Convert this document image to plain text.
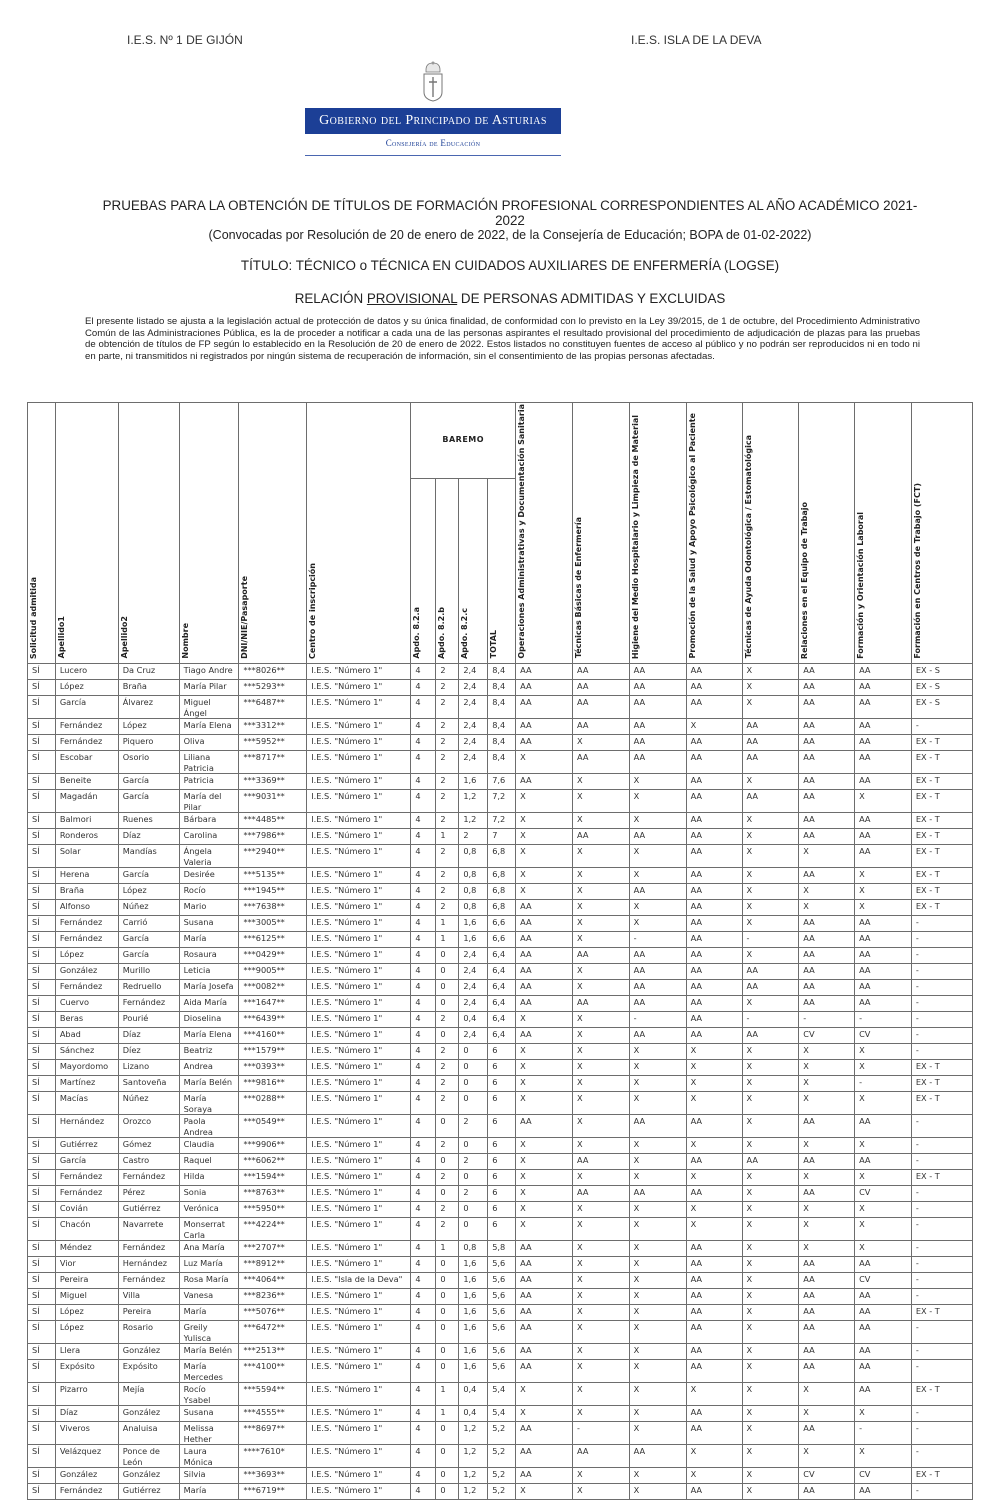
I.E.S. Nº 1 DE GIJÓN	I.E.S. ISLA DE LA DEVA
Gobierno del Principado de Asturias
Consejería de Educación
PRUEBAS PARA LA OBTENCIÓN DE TÍTULOS DE FORMACIÓN PROFESIONAL CORRESPONDIENTES AL AÑO ACADÉMICO 2021-2022
(Convocadas por Resolución de 20 de enero de 2022, de la Consejería de Educación; BOPA de 01-02-2022)
TÍTULO: TÉCNICO o TÉCNICA EN CUIDADOS AUXILIARES DE ENFERMERÍA (LOGSE)
RELACIÓN PROVISIONAL DE PERSONAS ADMITIDAS Y EXCLUIDAS
El presente listado se ajusta a la legislación actual de protección de datos y su única finalidad, de conformidad con lo previsto en la Ley 39/2015, de 1 de octubre, del Procedimiento Administrativo Común de las Administraciones Pública, es la de proceder a notificar a cada una de las personas aspirantes el resultado provisional del procedimiento de adjudicación de plazas para las pruebas de obtención de títulos de FP según lo establecido en la Resolución de 20 de enero de 2022. Estos listados no constituyen fuentes de acceso al público y no podrán ser reproducidos ni en todo ni en parte, ni transmitidos ni registrados por ningún sistema de recuperación de información, sin el consentimiento de las propias personas afectadas.
Solicitud admitida	Apellido1	Apellido2	Nombre	DNI/NIE/Pasaporte	Centro de inscripción	BAREMO				Operaciones Administrativas y Documentación Sanitaria	Técnicas Básicas de Enfermería	Higiene del Medio Hospitalario y Limpieza de Material	Promoción de la Salud y Apoyo Psicológico al Paciente	Técnicas de Ayuda Odontológica / Estomatológica	Relaciones en el Equipo de Trabajo	Formación y Orientación Laboral	Formación en Centros de Trabajo (FCT)
						Apdo. 8.2.a	Apdo. 8.2.b	Apdo. 8.2.c	TOTAL								
SÍ	Lucero	Da Cruz	Tiago Andre	***8026**	I.E.S. "Número 1"	4	2	2,4	8,4	AA	AA	AA	AA	X	AA	AA	EX - S
SÍ	López	Braña	María Pilar	***5293**	I.E.S. "Número 1"	4	2	2,4	8,4	AA	AA	AA	AA	X	AA	AA	EX - S
SÍ	García	Álvarez	Miguel Ángel	***6487**	I.E.S. "Número 1"	4	2	2,4	8,4	AA	AA	AA	AA	X	AA	AA	EX - S
SÍ	Fernández	López	María Elena	***3312**	I.E.S. "Número 1"	4	2	2,4	8,4	AA	AA	AA	X	AA	AA	AA	-
SÍ	Fernández	Piquero	Oliva	***5952**	I.E.S. "Número 1"	4	2	2,4	8,4	AA	X	AA	AA	AA	AA	AA	EX - T
SÍ	Escobar	Osorio	Liliana Patricia	***8717**	I.E.S. "Número 1"	4	2	2,4	8,4	X	AA	AA	AA	AA	AA	AA	EX - T
SÍ	Beneite	García	Patricia	***3369**	I.E.S. "Número 1"	4	2	1,6	7,6	AA	X	X	AA	X	AA	AA	EX - T
SÍ	Magadán	García	María del Pilar	***9031**	I.E.S. "Número 1"	4	2	1,2	7,2	X	X	X	AA	AA	AA	X	EX - T
SÍ	Balmori	Ruenes	Bárbara	***4485**	I.E.S. "Número 1"	4	2	1,2	7,2	X	X	X	AA	X	AA	AA	EX - T
SÍ	Ronderos	Díaz	Carolina	***7986**	I.E.S. "Número 1"	4	1	2	7	X	AA	AA	AA	X	AA	AA	EX - T
SÍ	Solar	Mandías	Ángela Valeria	***2940**	I.E.S. "Número 1"	4	2	0,8	6,8	X	X	X	AA	X	X	AA	EX - T
SÍ	Herena	García	Desirée	***5135**	I.E.S. "Número 1"	4	2	0,8	6,8	X	X	X	AA	X	AA	X	EX - T
SÍ	Braña	López	Rocío	***1945**	I.E.S. "Número 1"	4	2	0,8	6,8	X	X	AA	AA	X	X	X	EX - T
SÍ	Alfonso	Núñez	Mario	***7638**	I.E.S. "Número 1"	4	2	0,8	6,8	AA	X	X	AA	X	X	X	EX - T
SÍ	Fernández	Carrió	Susana	***3005**	I.E.S. "Número 1"	4	1	1,6	6,6	AA	X	X	AA	X	AA	AA	-
SÍ	Fernández	García	María	***6125**	I.E.S. "Número 1"	4	1	1,6	6,6	AA	X	-	AA	-	AA	AA	-
SÍ	López	García	Rosaura	***0429**	I.E.S. "Número 1"	4	0	2,4	6,4	AA	AA	AA	AA	X	AA	AA	-
SÍ	González	Murillo	Leticia	***9005**	I.E.S. "Número 1"	4	0	2,4	6,4	AA	X	AA	AA	AA	AA	AA	-
SÍ	Fernández	Redruello	María Josefa	***0082**	I.E.S. "Número 1"	4	0	2,4	6,4	AA	X	AA	AA	AA	AA	AA	-
SÍ	Cuervo	Fernández	Aida María	***1647**	I.E.S. "Número 1"	4	0	2,4	6,4	AA	AA	AA	AA	X	AA	AA	-
SÍ	Beras	Pourié	Dioselina	***6439**	I.E.S. "Número 1"	4	2	0,4	6,4	X	X	-	AA	-	-	-	-
SÍ	Abad	Díaz	María Elena	***4160**	I.E.S. "Número 1"	4	0	2,4	6,4	AA	X	AA	AA	AA	CV	CV	-
SÍ	Sánchez	Díez	Beatriz	***1579**	I.E.S. "Número 1"	4	2	0	6	X	X	X	X	X	X	X	-
SÍ	Mayordomo	Lizano	Andrea	***0393**	I.E.S. "Número 1"	4	2	0	6	X	X	X	X	X	X	X	EX - T
SÍ	Martínez	Santoveña	María Belén	***9816**	I.E.S. "Número 1"	4	2	0	6	X	X	X	X	X	X	-	EX - T
SÍ	Macías	Núñez	María Soraya	***0288**	I.E.S. "Número 1"	4	2	0	6	X	X	X	X	X	X	X	EX - T
SÍ	Hernández	Orozco	Paola Andrea	***0549**	I.E.S. "Número 1"	4	0	2	6	AA	X	AA	AA	X	AA	AA	-
SÍ	Gutiérrez	Gómez	Claudia	***9906**	I.E.S. "Número 1"	4	2	0	6	X	X	X	X	X	X	X	-
SÍ	García	Castro	Raquel	***6062**	I.E.S. "Número 1"	4	0	2	6	X	AA	X	AA	AA	AA	AA	-
SÍ	Fernández	Fernández	Hilda	***1594**	I.E.S. "Número 1"	4	2	0	6	X	X	X	X	X	X	X	EX - T
SÍ	Fernández	Pérez	Sonia	***8763**	I.E.S. "Número 1"	4	0	2	6	X	AA	AA	AA	X	AA	CV	-
SÍ	Covián	Gutiérrez	Verónica	***5950**	I.E.S. "Número 1"	4	2	0	6	X	X	X	X	X	X	X	-
SÍ	Chacón	Navarrete	Monserrat Carla	***4224**	I.E.S. "Número 1"	4	2	0	6	X	X	X	X	X	X	X	-
SÍ	Méndez	Fernández	Ana María	***2707**	I.E.S. "Número 1"	4	1	0,8	5,8	AA	X	X	AA	X	X	X	-
SÍ	Vior	Hernández	Luz María	***8912**	I.E.S. "Número 1"	4	0	1,6	5,6	AA	X	X	AA	X	AA	AA	-
SÍ	Pereira	Fernández	Rosa María	***4064**	I.E.S. "Isla de la Deva"	4	0	1,6	5,6	AA	X	X	AA	X	AA	CV	-
SÍ	Miguel	Villa	Vanesa	***8236**	I.E.S. "Número 1"	4	0	1,6	5,6	AA	X	X	AA	X	AA	AA	-
SÍ	López	Pereira	María	***5076**	I.E.S. "Número 1"	4	0	1,6	5,6	AA	X	X	AA	X	AA	AA	EX - T
SÍ	López	Rosario	Greily Yulisca	***6472**	I.E.S. "Número 1"	4	0	1,6	5,6	AA	X	X	AA	X	AA	AA	-
SÍ	Llera	González	María Belén	***2513**	I.E.S. "Número 1"	4	0	1,6	5,6	AA	X	X	AA	X	AA	AA	-
SÍ	Expósito	Expósito	María Mercedes	***4100**	I.E.S. "Número 1"	4	0	1,6	5,6	AA	X	X	AA	X	AA	AA	-
SÍ	Pizarro	Mejía	Rocío Ysabel	***5594**	I.E.S. "Número 1"	4	1	0,4	5,4	X	X	X	X	X	X	AA	EX - T
SÍ	Díaz	González	Susana	***4555**	I.E.S. "Número 1"	4	1	0,4	5,4	X	X	X	AA	X	X	X	-
SÍ	Viveros	Analuisa	Melissa Hether	***8697**	I.E.S. "Número 1"	4	0	1,2	5,2	AA	-	X	AA	X	AA	-	-
SÍ	Velázquez	Ponce de León	Laura Mónica	****7610*	I.E.S. "Número 1"	4	0	1,2	5,2	AA	AA	AA	X	X	X	X	-
SÍ	González	González	Silvia	***3693**	I.E.S. "Número 1"	4	0	1,2	5,2	AA	X	X	X	X	CV	CV	EX - T
SÍ	Fernández	Gutiérrez	María	***6719**	I.E.S. "Número 1"	4	0	1,2	5,2	X	X	X	AA	X	AA	AA	-
